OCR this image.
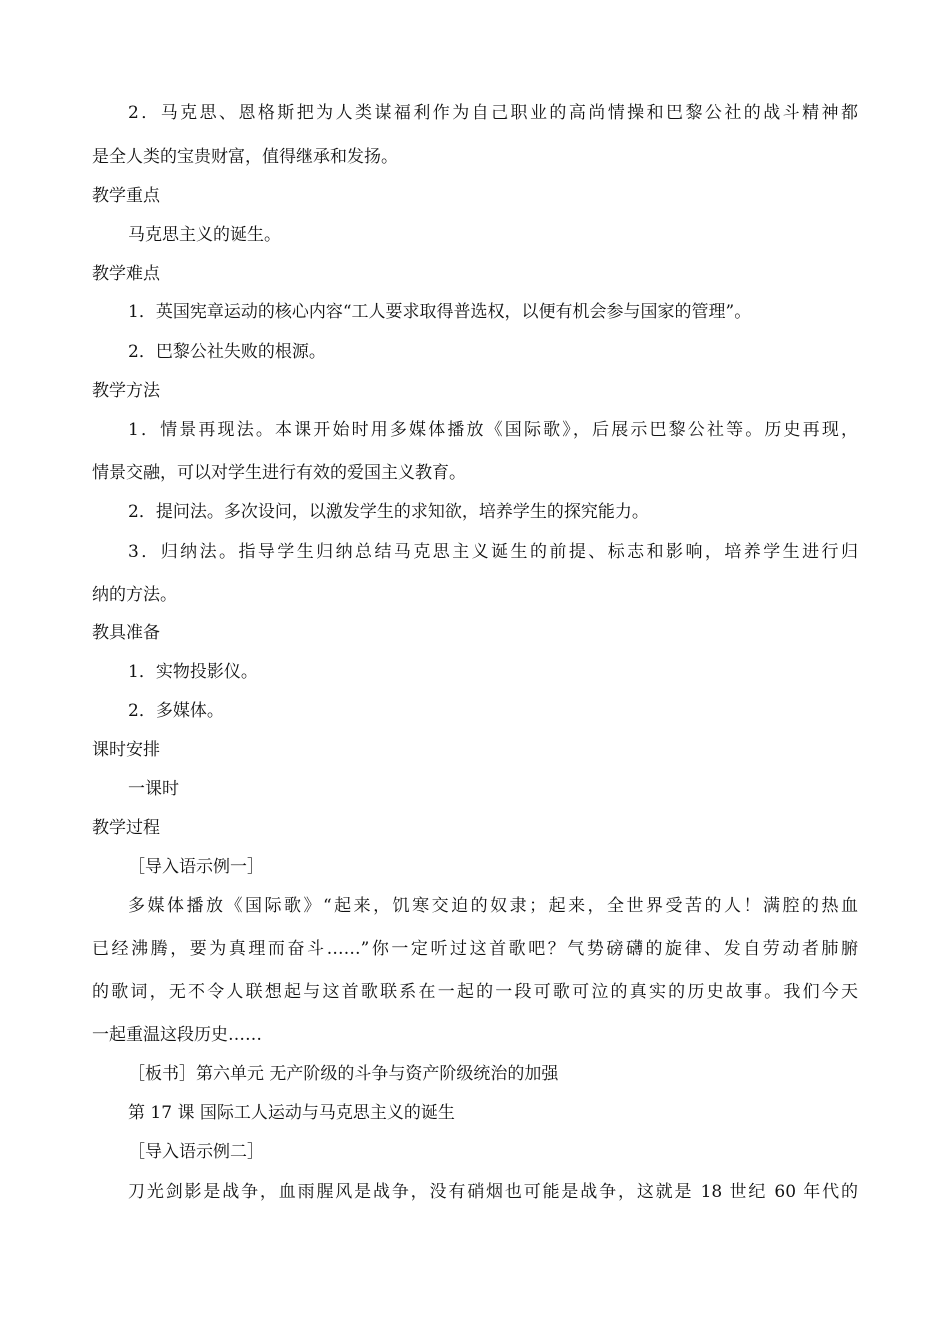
2．马克思、恩格斯把为人类谋福利作为自己职业的高尚情操和巴黎公社的战斗精神都
是全人类的宝贵财富，值得继承和发扬。
教学重点
马克思主义的诞生。
教学难点
1．英国宪章运动的核心内容“工人要求取得普选权，以便有机会参与国家的管理”。
2．巴黎公社失败的根源。
教学方法
1．情景再现法。本课开始时用多媒体播放《国际歌》，后展示巴黎公社等。历史再现，
情景交融，可以对学生进行有效的爱国主义教育。
2．提问法。多次设问，以激发学生的求知欲，培养学生的探究能力。
3．归纳法。指导学生归纳总结马克思主义诞生的前提、标志和影响，培养学生进行归
纳的方法。
教具准备
1．实物投影仪。
2．多媒体。
课时安排
一课时
教学过程
［导入语示例一］
多媒体播放《国际歌》“起来，饥寒交迫的奴隶；起来，全世界受苦的人！满腔的热血
已经沸腾，要为真理而奋斗……”你一定听过这首歌吧？气势磅礴的旋律、发自劳动者肺腑
的歌词，无不令人联想起与这首歌联系在一起的一段可歌可泣的真实的历史故事。我们今天
一起重温这段历史……
［板书］第六单元 无产阶级的斗争与资产阶级统治的加强
第 17 课 国际工人运动与马克思主义的诞生
［导入语示例二］
刀光剑影是战争，血雨腥风是战争，没有硝烟也可能是战争，这就是 18 世纪 60 年代的
